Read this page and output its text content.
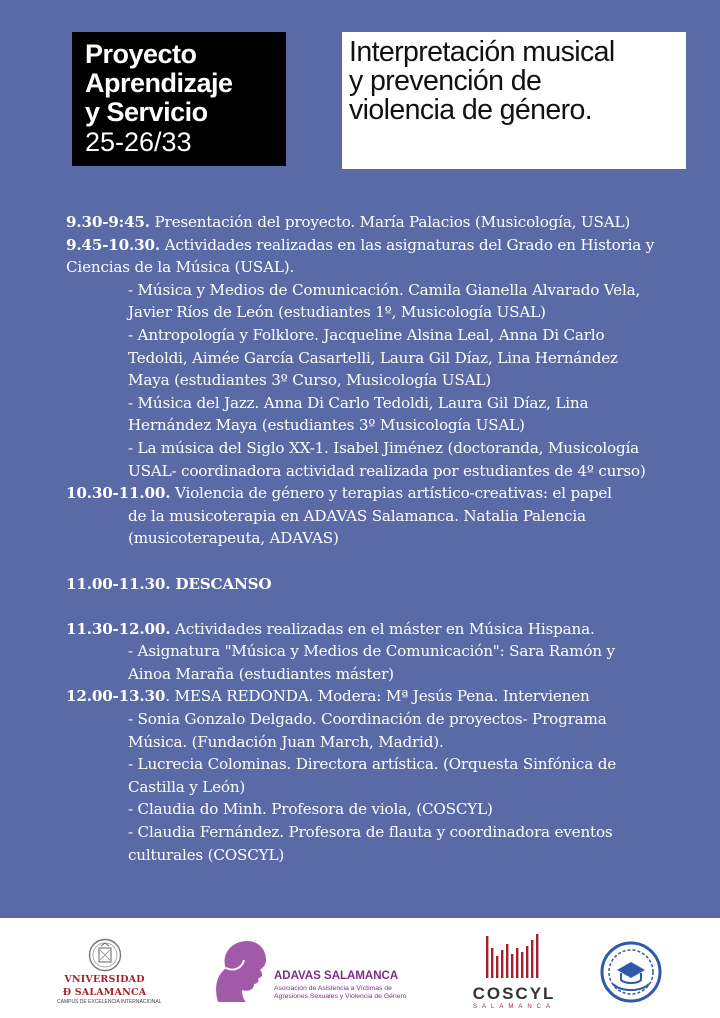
Proyecto
Aprendizaje
y Servicio
25-26/33
Interpretación musical
y prevención de
violencia de género.
9.30-9:45. Presentación del proyecto. María Palacios (Musicología, USAL)
9.45-10.30. Actividades realizadas en las asignaturas del Grado en Historia y
Ciencias de la Música (USAL).
- Música y Medios de Comunicación. Camila Gianella Alvarado Vela,
Javier Ríos de León (estudiantes 1º, Musicología USAL)
- Antropología y Folklore. Jacqueline Alsina Leal, Anna Di Carlo
Tedoldi, Aimée García Casartelli, Laura Gil Díaz, Lina Hernández
Maya (estudiantes 3º Curso, Musicología USAL)
- Música del Jazz. Anna Di Carlo Tedoldi, Laura Gil Díaz, Lina
Hernández Maya (estudiantes 3º Musicología USAL)
- La música del Siglo XX-1. Isabel Jiménez (doctoranda, Musicología
USAL- coordinadora actividad realizada por estudiantes de 4º curso)
10.30-11.00. Violencia de género y terapias artístico-creativas: el papel
de la musicoterapia en ADAVAS Salamanca. Natalia Palencia
(musicoterapeuta, ADAVAS)
11.00-11.30. DESCANSO
11.30-12.00. Actividades realizadas en el máster en Música Hispana.
- Asignatura "Música y Medios de Comunicación": Sara Ramón y
Ainoa Maraña (estudiantes máster)
12.00-13.30. MESA REDONDA. Modera: Mª Jesús Pena. Intervienen
- Sonia Gonzalo Delgado. Coordinación de proyectos- Programa
Música. (Fundación Juan March, Madrid).
- Lucrecia Colominas. Directora artística. (Orquesta Sinfónica de
Castilla y León)
- Claudia do Minh. Profesora de viola, (COSCYL)
- Claudia Fernández. Profesora de flauta y coordinadora eventos
culturales (COSCYL)
VNIVERSIDAD
Ð SALAMANCA
CAMPUS DE EXCELENCIA INTERNACIONAL
ADAVAS SALAMANCA
Asociación de Asistencia a Víctimas de
Agresiones Sexuales y Violencia de Género	COSCYL
SALAMANCA
